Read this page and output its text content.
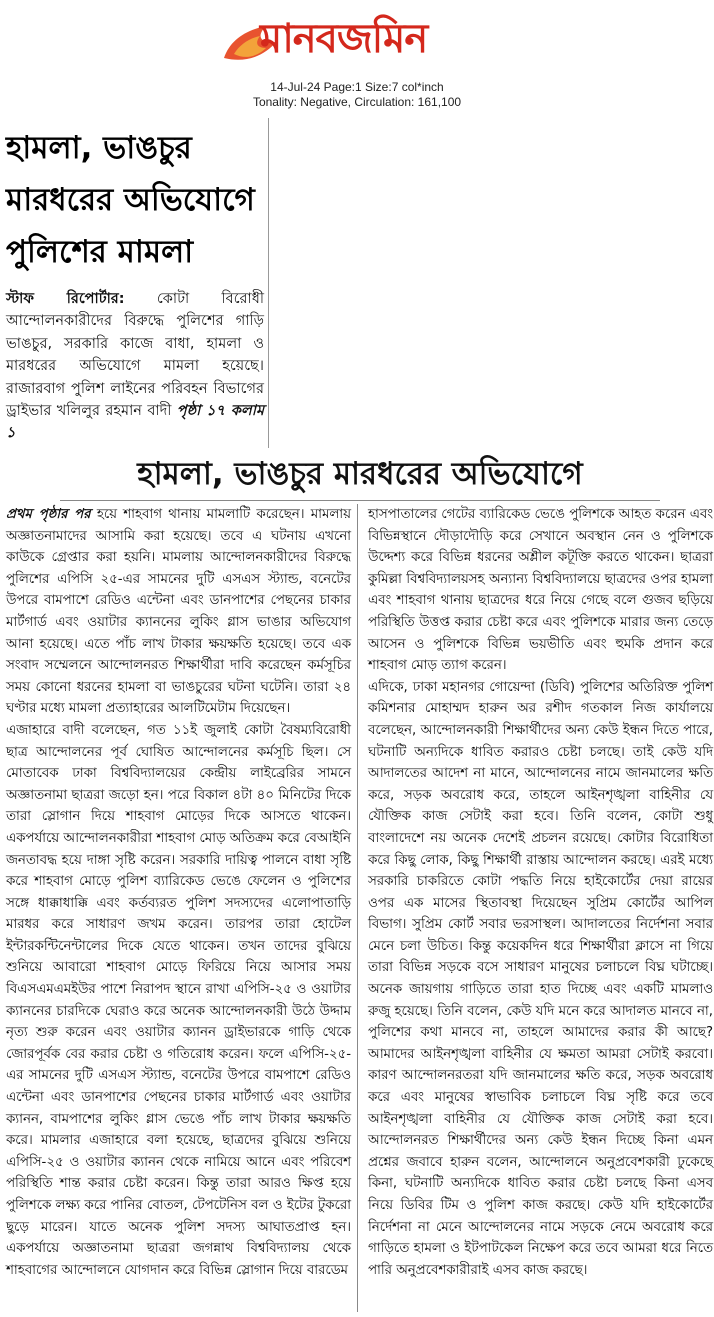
মানবজমিন
14-Jul-24 Page:1 Size:7 col*inch
Tonality: Negative, Circulation: 161,100
হামলা, ভাঙচুর মারধরের অভিযোগে পুলিশের মামলা
স্টাফ রিপোর্টার: কোটা বিরোধী আন্দোলনকারীদের বিরুদ্ধে পুলিশের গাড়ি ভাঙচুর, সরকারি কাজে বাধা, হামলা ও মারধরের অভিযোগে মামলা হয়েছে। রাজারবাগ পুলিশ লাইনের পরিবহন বিভাগের ড্রাইভার খলিলুর রহমান বাদী পৃষ্ঠা ১৭ কলাম ১
হামলা, ভাঙচুর মারধরের অভিযোগে

প্রথম পৃষ্ঠার পর হয়ে শাহবাগ থানায় মামলাটি করেছেন। মামলায় অজ্ঞাতনামাদের আসামি করা হয়েছে। তবে এ ঘটনায় এখনো কাউকে গ্রেপ্তার করা হয়নি। মামলায় আন্দোলনকারীদের বিরুদ্ধে পুলিশের এপিসি ২৫-এর সামনের দুটি এসএস স্ট্যান্ড, বনেটের উপরে বামপাশে রেডিও এন্টেনা এবং ডানপাশের পেছনের চাকার মার্টগার্ড এবং ওয়াটার ক্যাননের লুকিং গ্লাস ভাঙার অভিযোগ আনা হয়েছে। এতে পাঁচ লাখ টাকার ক্ষয়ক্ষতি হয়েছে। তবে এক সংবাদ সম্মেলনে আন্দোলনরত শিক্ষার্থীরা দাবি করেছেন কর্মসূচির সময় কোনো ধরনের হামলা বা ভাঙচুরের ঘটনা ঘটেনি। তারা ২৪ ঘণ্টার মধ্যে মামলা প্রত্যাহারের আলটিমেটাম দিয়েছেন।

এজাহারে বাদী বলেছেন, গত ১১ই জুলাই কোটা বৈষম্যবিরোধী ছাত্র আন্দোলনের পূর্ব ঘোষিত আন্দোলনের কর্মসূচি ছিল। সে মোতাবেক ঢাকা বিশ্ববিদ্যালয়ের কেন্দ্রীয় লাইব্রেরির সামনে অজ্ঞাতনামা ছাত্ররা জড়ো হন। পরে বিকাল ৪টা ৪০ মিনিটের দিকে তারা স্লোগান দিয়ে শাহবাগ মোড়ের দিকে আসতে থাকেন। একপর্যায়ে আন্দোলনকারীরা শাহবাগ মোড় অতিক্রম করে বেআইনি জনতাবদ্ধ হয়ে দাঙ্গা সৃষ্টি করেন। সরকারি দায়িত্ব পালনে বাধা সৃষ্টি করে শাহবাগ মোড়ে পুলিশ ব্যারিকেড ভেঙে ফেলেন ও পুলিশের সঙ্গে ধাক্কাধাক্কি এবং কর্তব্যরত পুলিশ সদস্যদের এলোপাতাড়ি মারধর করে সাধারণ জখম করেন। তারপর তারা হোটেল ইন্টারকন্টিনেন্টালের দিকে যেতে থাকেন। তখন তাদের বুঝিয়ে শুনিয়ে আবারো শাহবাগ মোড়ে ফিরিয়ে নিয়ে আসার সময় বিএসএমএমইউর পাশে নিরাপদ স্থানে রাখা এপিসি-২৫ ও ওয়াটার ক্যাননের চারদিকে ঘেরাও করে অনেক আন্দোলনকারী উঠে উদ্দাম নৃত্য শুরু করেন এবং ওয়াটার ক্যানন ড্রাইভারকে গাড়ি থেকে জোরপূর্বক বের করার চেষ্টা ও গতিরোধ করেন। ফলে এপিসি-২৫-এর সামনের দুটি এসএস স্ট্যান্ড, বনেটের উপরে বামপাশে রেডিও এন্টেনা এবং ডানপাশের পেছনের চাকার মার্টগার্ড এবং ওয়াটার ক্যানন, বামপাশের লুকিং গ্লাস ভেঙে পাঁচ লাখ টাকার ক্ষয়ক্ষতি করে। মামলার এজাহারে বলা হয়েছে, ছাত্রদের বুঝিয়ে শুনিয়ে এপিসি-২৫ ও ওয়াটার ক্যানন থেকে নামিয়ে আনে এবং পরিবেশ পরিস্থিতি শান্ত করার চেষ্টা করেন। কিন্তু তারা আরও ক্ষিপ্ত হয়ে পুলিশকে লক্ষ্য করে পানির বোতল, টেপটেনিস বল ও ইটের টুকরো ছুড়ে মারেন। যাতে অনেক পুলিশ সদস্য আঘাতপ্রাপ্ত হন। একপর্যায়ে অজ্ঞাতনামা ছাত্ররা জগন্নাথ বিশ্ববিদ্যালয় থেকে শাহবাগের আন্দোলনে যোগদান করে বিভিন্ন স্লোগান দিয়ে বারডেম

হাসপাতালের গেটের ব্যারিকেড ভেঙে পুলিশকে আহত করেন এবং বিভিন্নস্থানে দৌড়াদৌড়ি করে সেখানে অবস্থান নেন ও পুলিশকে উদ্দেশ্য করে বিভিন্ন ধরনের অশ্লীল কটূক্তি করতে থাকেন। ছাত্ররা কুমিল্লা বিশ্ববিদ্যালয়সহ অন্যান্য বিশ্ববিদ্যালয়ে ছাত্রদের ওপর হামলা এবং শাহবাগ থানায় ছাত্রদের ধরে নিয়ে গেছে বলে গুজব ছড়িয়ে পরিস্থিতি উত্তপ্ত করার চেষ্টা করে এবং পুলিশকে মারার জন্য তেড়ে আসেন ও পুলিশকে বিভিন্ন ভয়ভীতি এবং হুমকি প্রদান করে শাহবাগ মোড় ত্যাগ করেন।

এদিকে, ঢাকা মহানগর গোয়েন্দা (ডিবি) পুলিশের অতিরিক্ত পুলিশ কমিশনার মোহাম্মদ হারুন অর রশীদ গতকাল নিজ কার্যালয়ে বলেছেন, আন্দোলনকারী শিক্ষার্থীদের অন্য কেউ ইন্ধন দিতে পারে, ঘটনাটি অন্যদিকে ধাবিত করারও চেষ্টা চলছে। তাই কেউ যদি আদালতের আদেশ না মানে, আন্দোলনের নামে জানমালের ক্ষতি করে, সড়ক অবরোধ করে, তাহলে আইনশৃঙ্খলা বাহিনীর যে যৌক্তিক কাজ সেটাই করা হবে। তিনি বলেন, কোটা শুধু বাংলাদেশে নয় অনেক দেশেই প্রচলন রয়েছে। কোটার বিরোধিতা করে কিছু লোক, কিছু শিক্ষার্থী রাস্তায় আন্দোলন করছে। এরই মধ্যে সরকারি চাকরিতে কোটা পদ্ধতি নিয়ে হাইকোর্টের দেয়া রায়ের ওপর এক মাসের স্থিতাবস্থা দিয়েছেন সুপ্রিম কোর্টের আপিল বিভাগ। সুপ্রিম কোর্ট সবার ভরসাস্থল। আদালতের নির্দেশনা সবার মেনে চলা উচিত। কিন্তু কয়েকদিন ধরে শিক্ষার্থীরা ক্লাসে না গিয়ে তারা বিভিন্ন সড়কে বসে সাধারণ মানুষের চলাচলে বিঘ্ন ঘটাচ্ছে। অনেক জায়গায় গাড়িতে তারা হাত দিচ্ছে এবং একটি মামলাও রুজু হয়েছে। তিনি বলেন, কেউ যদি মনে করে আদালত মানবে না, পুলিশের কথা মানবে না, তাহলে আমাদের করার কী আছে? আমাদের আইনশৃঙ্খলা বাহিনীর যে ক্ষমতা আমরা সেটাই করবো। কারণ আন্দোলনরতরা যদি জানমালের ক্ষতি করে, সড়ক অবরোধ করে এবং মানুষের স্বাভাবিক চলাচলে বিঘ্ন সৃষ্টি করে তবে আইনশৃঙ্খলা বাহিনীর যে যৌক্তিক কাজ সেটাই করা হবে। আন্দোলনরত শিক্ষার্থীদের অন্য কেউ ইন্ধন দিচ্ছে কিনা এমন প্রশ্নের জবাবে হারুন বলেন, আন্দোলনে অনুপ্রবেশকারী ঢুকেছে কিনা, ঘটনাটি অন্যদিকে ধাবিত করার চেষ্টা চলছে কিনা এসব নিয়ে ডিবির টিম ও পুলিশ কাজ করছে। কেউ যদি হাইকোর্টের নির্দেশনা না মেনে আন্দোলনের নামে সড়কে নেমে অবরোধ করে গাড়িতে হামলা ও ইটপাটকেল নিক্ষেপ করে তবে আমরা ধরে নিতে পারি অনুপ্রবেশকারীরাই এসব কাজ করছে।
